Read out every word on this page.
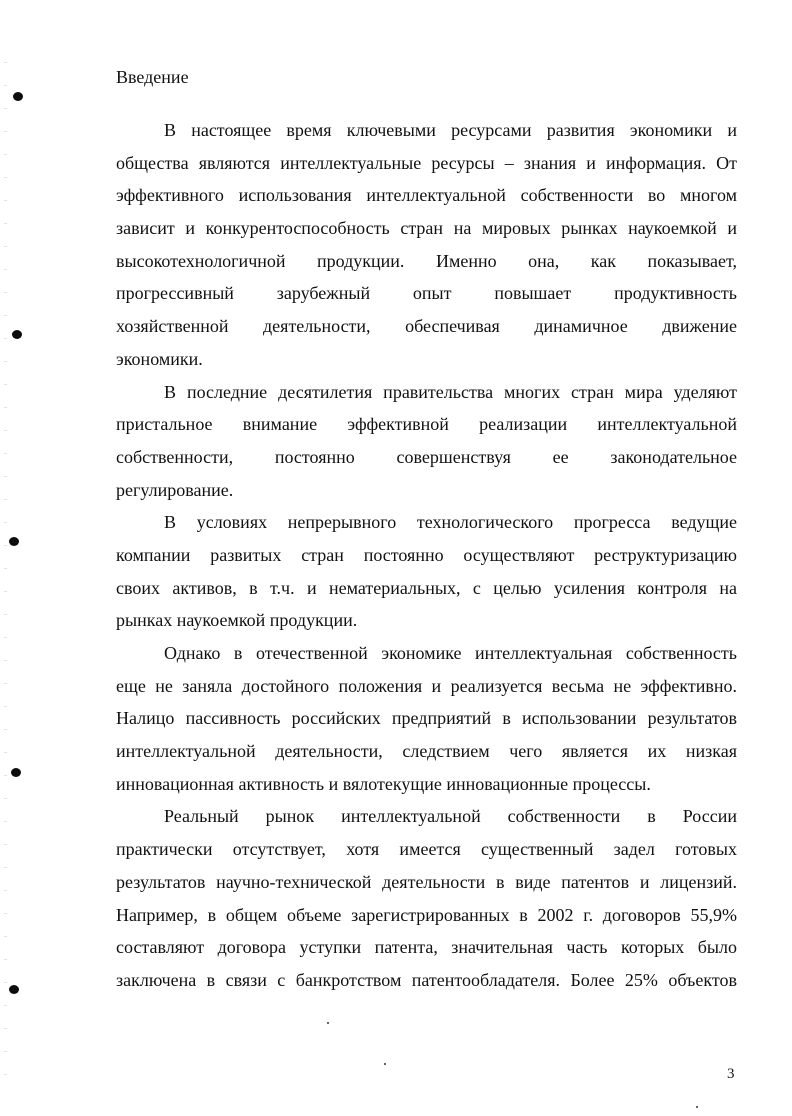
Введение
В настоящее время ключевыми ресурсами развития экономики и
общества являются интеллектуальные ресурсы – знания и информация. От
эффективного использования интеллектуальной собственности во многом
зависит и конкурентоспособность стран на мировых рынках наукоемкой и
высокотехнологичной продукции. Именно она, как показывает,
прогрессивный зарубежный опыт повышает продуктивность
хозяйственной деятельности, обеспечивая динамичное движение
экономики.
В последние десятилетия правительства многих стран мира уделяют
пристальное внимание эффективной реализации интеллектуальной
собственности, постоянно совершенствуя ее законодательное
регулирование.
В условиях непрерывного технологического прогресса ведущие
компании развитых стран постоянно осуществляют реструктуризацию
своих активов, в т.ч. и нематериальных, с целью усиления контроля на
рынках наукоемкой продукции.
Однако в отечественной экономике интеллектуальная собственность
еще не заняла достойного положения и реализуется весьма не эффективно.
Налицо пассивность российских предприятий в использовании результатов
интеллектуальной деятельности, следствием чего является их низкая
инновационная активность и вялотекущие инновационные процессы.
Реальный рынок интеллектуальной собственности в России
практически отсутствует, хотя имеется существенный задел готовых
результатов научно-технической деятельности в виде патентов и лицензий.
Например, в общем объеме зарегистрированных в 2002 г. договоров 55,9%
составляют договора уступки патента, значительная часть которых было
заключена в связи с банкротством патентообладателя. Более 25% объектов
3
